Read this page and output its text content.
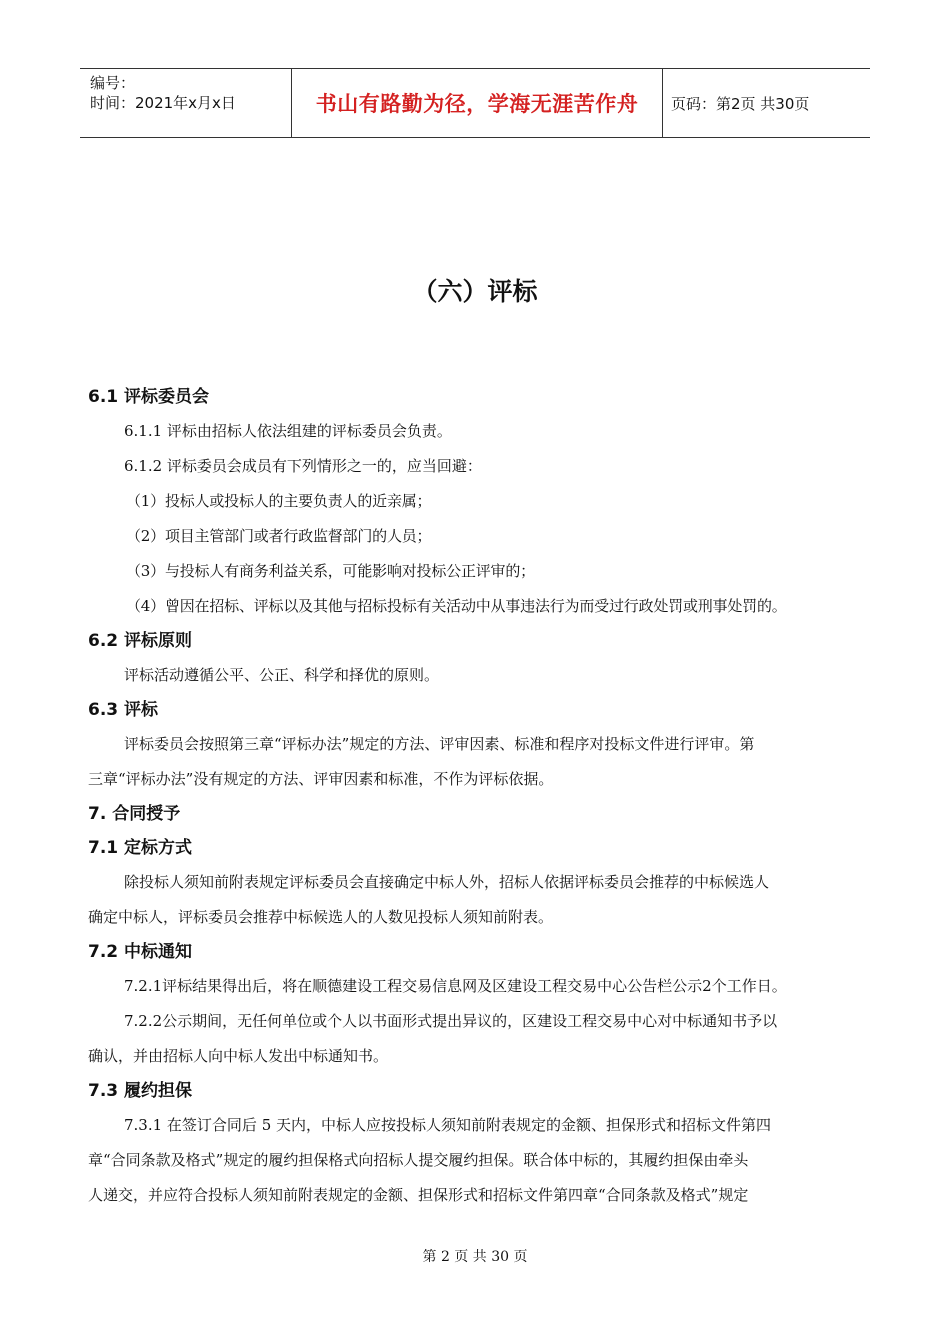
编号：
时间：2021年x月x日	书山有路勤为径，学海无涯苦作舟	页码：第2页 共30页
（六）评标
6.1 评标委员会
6.1.1 评标由招标人依法组建的评标委员会负责。
6.1.2 评标委员会成员有下列情形之一的，应当回避：
（1）投标人或投标人的主要负责人的近亲属；
（2）项目主管部门或者行政监督部门的人员；
（3）与投标人有商务利益关系，可能影响对投标公正评审的；
（4）曾因在招标、评标以及其他与招标投标有关活动中从事违法行为而受过行政处罚或刑事处罚的。
6.2 评标原则
评标活动遵循公平、公正、科学和择优的原则。
6.3 评标
评标委员会按照第三章“评标办法”规定的方法、评审因素、标准和程序对投标文件进行评审。第
三章“评标办法”没有规定的方法、评审因素和标准，不作为评标依据。
7. 合同授予
7.1 定标方式
除投标人须知前附表规定评标委员会直接确定中标人外，招标人依据评标委员会推荐的中标候选人
确定中标人，评标委员会推荐中标候选人的人数见投标人须知前附表。
7.2 中标通知
7.2.1评标结果得出后，将在顺德建设工程交易信息网及区建设工程交易中心公告栏公示2个工作日。
7.2.2公示期间，无任何单位或个人以书面形式提出异议的，区建设工程交易中心对中标通知书予以
确认，并由招标人向中标人发出中标通知书。
7.3 履约担保
7.3.1 在签订合同后 5 天内，中标人应按投标人须知前附表规定的金额、担保形式和招标文件第四
章“合同条款及格式”规定的履约担保格式向招标人提交履约担保。联合体中标的，其履约担保由牵头
人递交，并应符合投标人须知前附表规定的金额、担保形式和招标文件第四章“合同条款及格式”规定
第 2 页 共 30 页
